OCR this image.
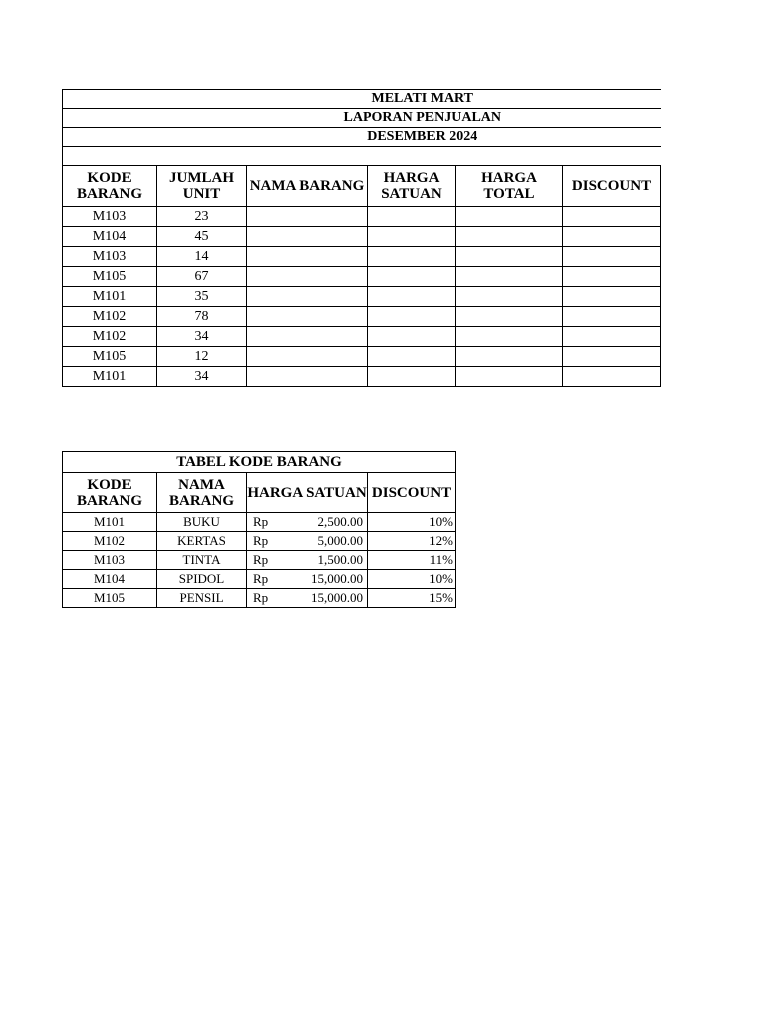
MELATI MART					
LAPORAN PENJUALAN					
DESEMBER 2024					

KODE BARANG	JUMLAH UNIT	NAMA BARANG	HARGA SATUAN	HARGA TOTAL	DISCOUNT
M103	23				
M104	45				
M103	14				
M105	67				
M101	35				
M102	78				
M102	34				
M105	12				
M101	34				
TABEL KODE BARANG			
KODE BARANG	NAMA BARANG	HARGA SATUAN	DISCOUNT
M101	BUKU	Rp 2,500.00	10%
M102	KERTAS	Rp 5,000.00	12%
M103	TINTA	Rp 1,500.00	11%
M104	SPIDOL	Rp 15,000.00	10%
M105	PENSIL	Rp 15,000.00	15%
